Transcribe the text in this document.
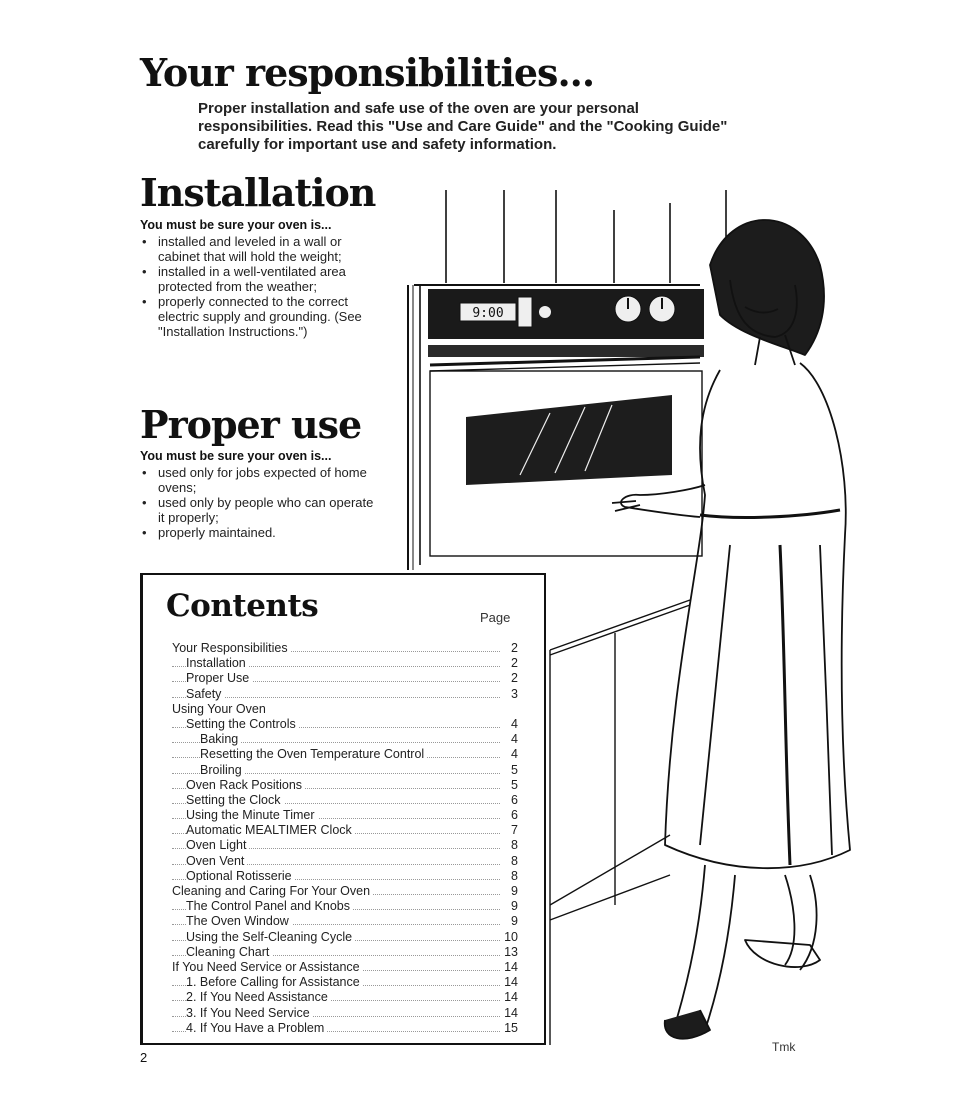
Your responsibilities...

Proper installation and safe use of the oven are your personal responsibilities. Read this "Use and Care Guide" and the "Cooking Guide" carefully for important use and safety information.

Installation

You must be sure your oven is...

• installed and leveled in a wall or cabinet that will hold the weight;
• installed in a well-ventilated area protected from the weather;
• properly connected to the correct electric supply and grounding. (See "Installation Instructions.")
Proper use

You must be sure your oven is...

• used only for jobs expected of home ovens;
• used only by people who can operate it properly;
• properly maintained.
9:00
Contents	Page
Your Responsibilities	2
Installation	2
Proper Use	2
Safety	3
Using Your Oven
Setting the Controls	4
Baking	4
Resetting the Oven Temperature Control	4
Broiling	5
Oven Rack Positions	5
Setting the Clock	6
Using the Minute Timer	6
Automatic MEALTIMER Clock	7
Oven Light	8
Oven Vent	8
Optional Rotisserie	8
Cleaning and Caring For Your Oven	9
The Control Panel and Knobs	9
The Oven Window	9
Using the Self-Cleaning Cycle	10
Cleaning Chart	13
If You Need Service or Assistance	14
1. Before Calling for Assistance	14
2. If You Need Assistance	14
3. If You Need Service	14
4. If You Have a Problem	15
2
Tmk
